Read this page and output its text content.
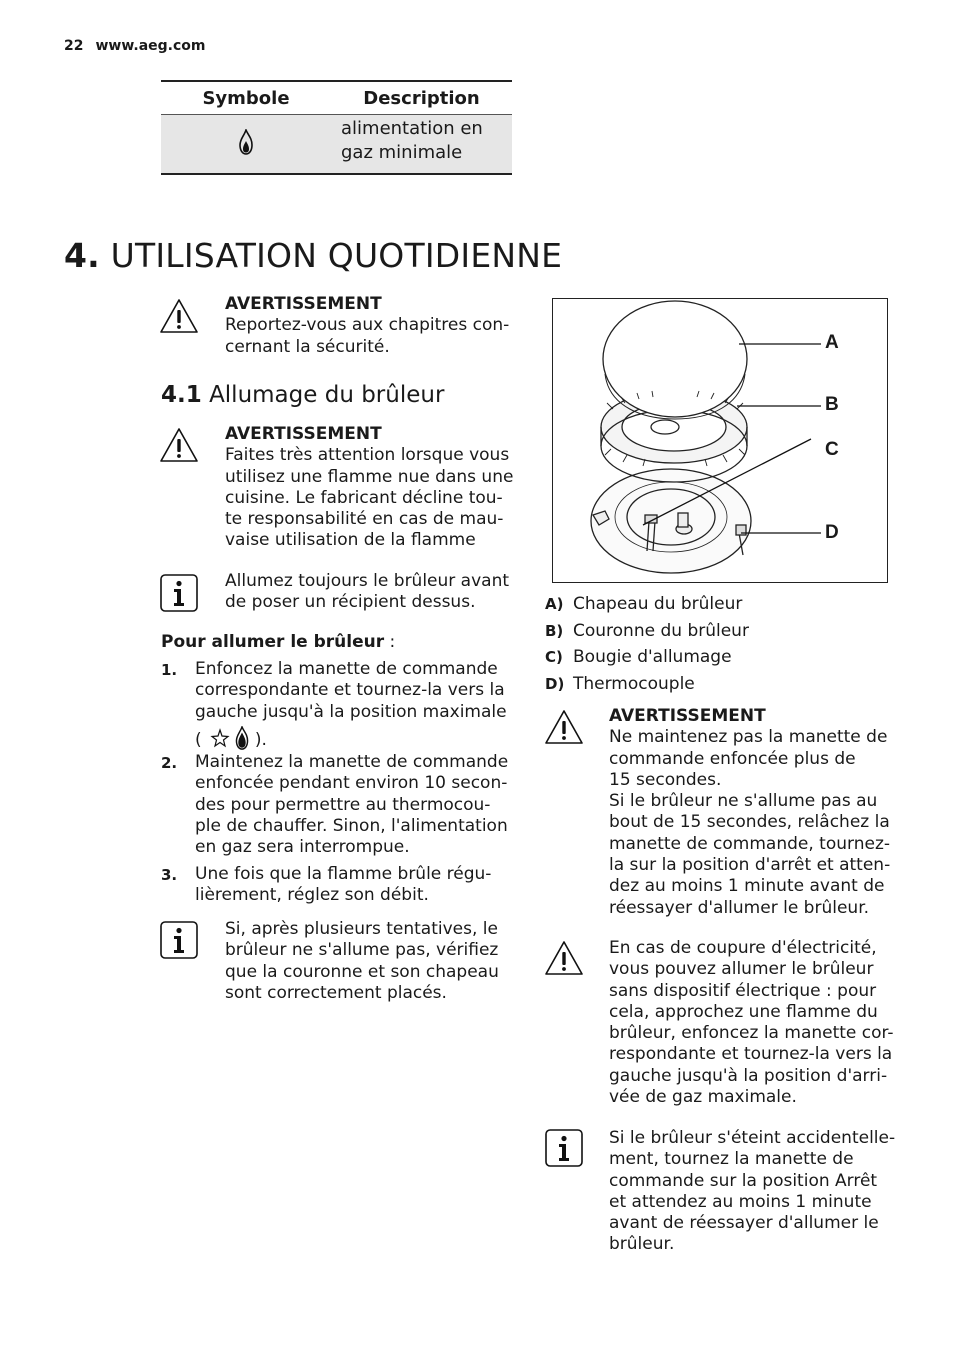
22 www.aeg.com
Symbole	Description

alimentation en
gaz minimale
4. UTILISATION QUOTIDIENNE
AVERTISSEMENT
Reportez-vous aux chapitres con-
cernant la sécurité.
4.1 Allumage du brûleur
AVERTISSEMENT
Faites très attention lorsque vous
utilisez une flamme nue dans une
cuisine. Le fabricant décline tou-
te responsabilité en cas de mau-
vaise utilisation de la flamme
Allumez toujours le brûleur avant
de poser un récipient dessus.
Pour allumer le brûleur :
1. Enfoncez la manette de commande
correspondante et tournez-la vers la
gauche jusqu'à la position maximale
(	).
2. Maintenez la manette de commande
enfoncée pendant environ 10 secon-
des pour permettre au thermocou-
ple de chauffer. Sinon, l'alimentation
en gaz sera interrompue.
3. Une fois que la flamme brûle régu-
lièrement, réglez son débit.
Si, après plusieurs tentatives, le
brûleur ne s'allume pas, vérifiez
que la couronne et son chapeau
sont correctement placés.
A
B
C
D
A) Chapeau du brûleur
B) Couronne du brûleur
C) Bougie d'allumage
D) Thermocouple
AVERTISSEMENT
Ne maintenez pas la manette de
commande enfoncée plus de
15 secondes.
Si le brûleur ne s'allume pas au
bout de 15 secondes, relâchez la
manette de commande, tournez-
la sur la position d'arrêt et atten-
dez au moins 1 minute avant de
réessayer d'allumer le brûleur.
En cas de coupure d'électricité,
vous pouvez allumer le brûleur
sans dispositif électrique : pour
cela, approchez une flamme du
brûleur, enfoncez la manette cor-
respondante et tournez-la vers la
gauche jusqu'à la position d'arri-
vée de gaz maximale.
Si le brûleur s'éteint accidentelle-
ment, tournez la manette de
commande sur la position Arrêt
et attendez au moins 1 minute
avant de réessayer d'allumer le
brûleur.
